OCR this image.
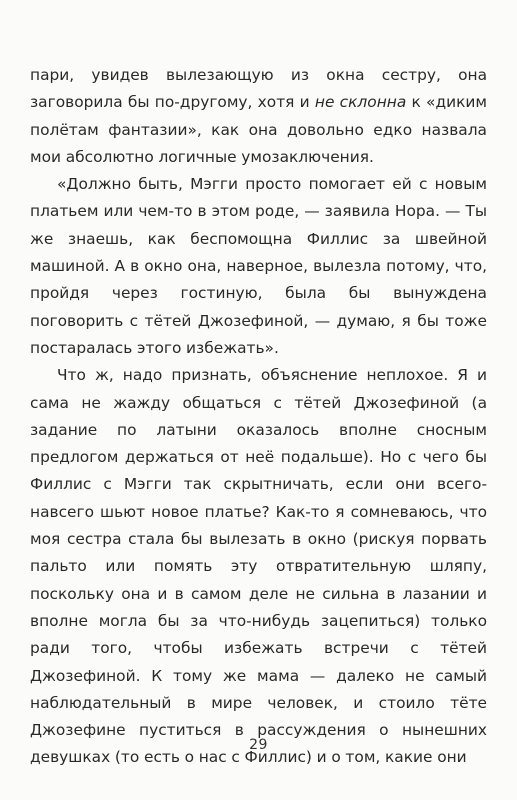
пари, увидев вылезающую из окна сестру, она заговорила бы по-другому, хотя и не склонна к «диким полётам фантазии», как она довольно едко назвала мои абсолютно логичные умозаключения.

«Должно быть, Мэгги просто помогает ей с новым платьем или чем-то в этом роде, — заявила Нора. — Ты же знаешь, как беспомощна Филлис за швейной машиной. А в окно она, наверное, вылезла потому, что, пройдя через гостиную, была бы вынуждена поговорить с тётей Джозефиной, — думаю, я бы тоже постаралась этого избежать».

Что ж, надо признать, объяснение неплохое. Я и сама не жажду общаться с тётей Джозефиной (а задание по латыни оказалось вполне сносным предлогом держаться от неё подальше). Но с чего бы Филлис с Мэгги так скрытничать, если они всего-навсего шьют новое платье? Как-то я сомневаюсь, что моя сестра стала бы вылезать в окно (рискуя порвать пальто или помять эту отвратительную шляпу, поскольку она и в самом деле не сильна в лазании и вполне могла бы за что-нибудь зацепиться) только ради того, чтобы избежать встречи с тётей Джозефиной. К тому же мама — далеко не самый наблюдательный в мире человек, и стоило тёте Джозефине пуститься в рассуждения о нынешних девушках (то есть о нас с Филлис) и о том, какие они

29
